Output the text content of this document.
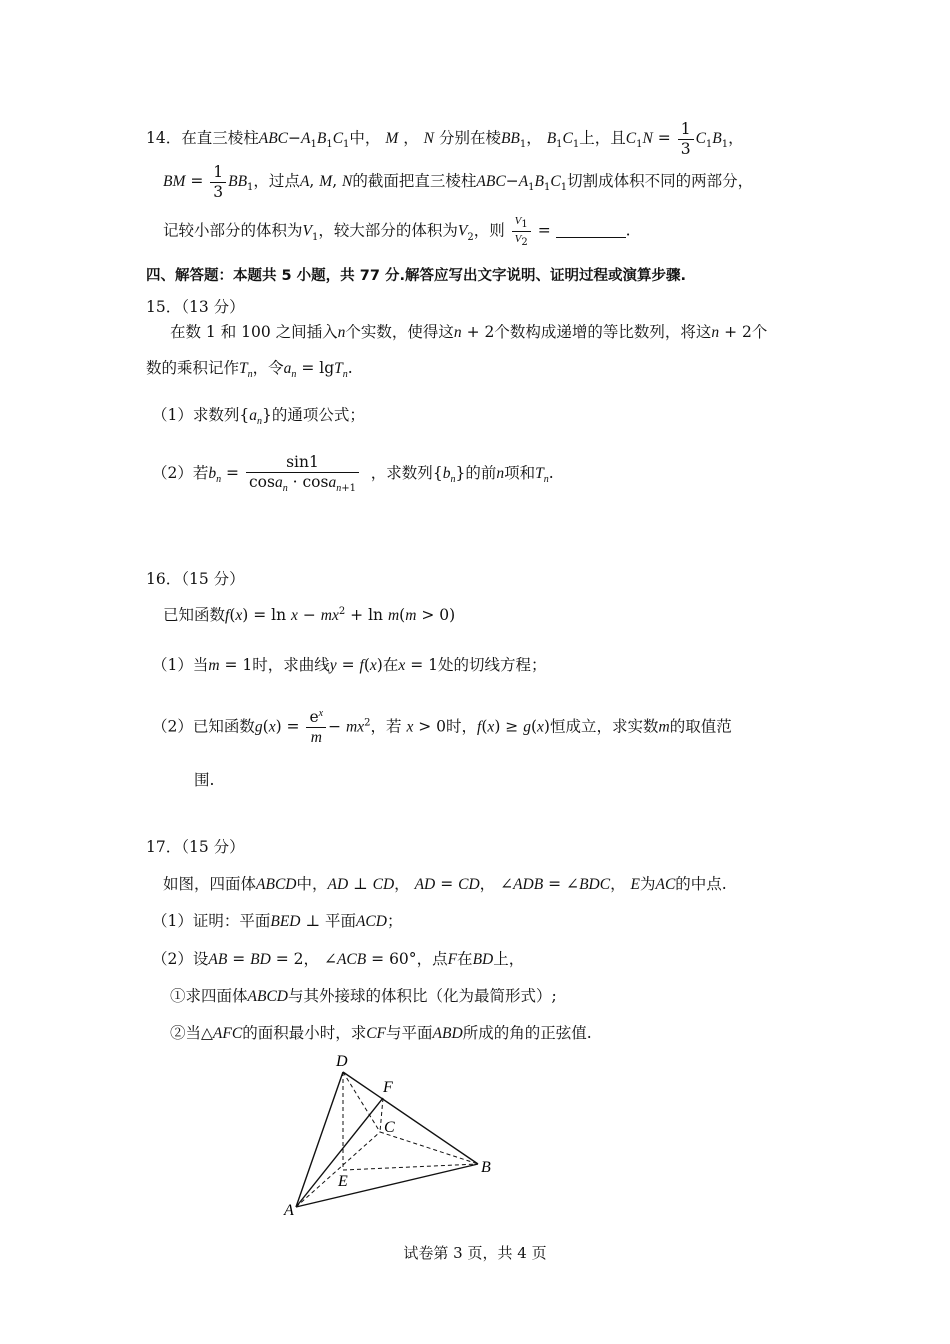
14．在直三棱柱$ABC-A_1B_1C_1$中， M ， N 分别在棱$BB_1$， $B_1C_1$上，且$C_1N = \frac{1}{3} C_1B_1$，
BM = $\frac{1}{3} BB_1$，过点A, M, N的截面把直三棱柱$ABC-A_1B_1C_1$切割成体积不同的两部分，
记较小部分的体积为$V_1$，较大部分的体积为$V_2$，则 $\frac{V_1}{V_2}$ =	.
四、解答题：本题共 5 小题，共 77 分.解答应写出文字说明、证明过程或演算步骤.
15．（13 分）
在数 1 和 100 之间插入n个实数，使得这n + 2个数构成递增的等比数列，将这n + 2个
数的乘积记作$T_n$，令$a_n = \lg T_n$.
（1）求数列$\{a_n\}$的通项公式；
（2）若$b_n = \frac{\sin 1}{\cos a_n \cdot \cos a_{n+1}}$ ，求数列$\{b_n\}$的前n项和$T_n$.
16．（15 分）
已知函数$f(x) = \ln x - mx^2 + \ln m(m > 0)$
（1）当m = 1时，求曲线y = f(x)在x = 1处的切线方程；
（2）已知函数$g(x) = \frac{e^x}{m} - mx^2$，若 x > 0时，f(x) ≥ g(x)恒成立，求实数m的取值范
围.
17．（15 分）
如图，四面体ABCD中，AD ⊥ CD， AD = CD， ∠ADB = ∠BDC， E为AC的中点.
（1）证明：平面BED ⊥ 平面ACD；
（2）设AB = BD = 2， ∠ACB = 60°，点F在BD上，
①求四面体ABCD与其外接球的体积比（化为最简形式）;
②当△AFC的面积最小时，求CF与平面ABD所成的角的正弦值.
D
F
C
E
B
A
试卷第 3 页，共 4 页
